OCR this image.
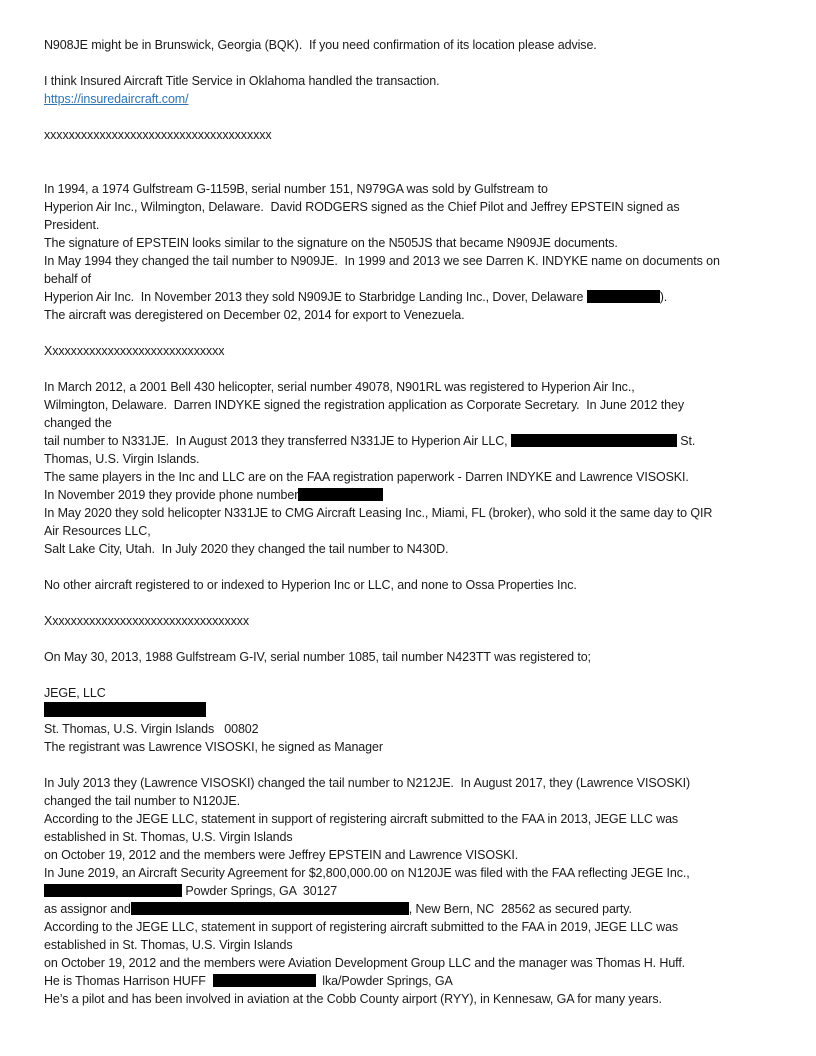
N908JE might be in Brunswick, Georgia (BQK).  If you need confirmation of its location please advise.
I think Insured Aircraft Title Service in Oklahoma handled the transaction.
https://insuredaircraft.com/
xxxxxxxxxxxxxxxxxxxxxxxxxxxxxxxxxxxxx
In 1994, a 1974 Gulfstream G-1159B, serial number 151, N979GA was sold by Gulfstream to
Hyperion Air Inc., Wilmington, Delaware.  David RODGERS signed as the Chief Pilot and Jeffrey EPSTEIN signed as
President.
The signature of EPSTEIN looks similar to the signature on the N505JS that became N909JE documents.
In May 1994 they changed the tail number to N909JE.  In 1999 and 2013 we see Darren K. INDYKE name on documents on
behalf of
Hyperion Air Inc.  In November 2013 they sold N909JE to Starbridge Landing Inc., Dover, Delaware	).
The aircraft was deregistered on December 02, 2014 for export to Venezuela.
Xxxxxxxxxxxxxxxxxxxxxxxxxxxxx
In March 2012, a 2001 Bell 430 helicopter, serial number 49078, N901RL was registered to Hyperion Air Inc.,
Wilmington, Delaware.  Darren INDYKE signed the registration application as Corporate Secretary.  In June 2012 they
changed the
tail number to N331JE.  In August 2013 they transferred N331JE to Hyperion Air LLC,	St.
Thomas, U.S. Virgin Islands.
The same players in the Inc and LLC are on the FAA registration paperwork - Darren INDYKE and Lawrence VISOSKI.
In November 2019 they provide phone number
In May 2020 they sold helicopter N331JE to CMG Aircraft Leasing Inc., Miami, FL (broker), who sold it the same day to QIR
Air Resources LLC,
Salt Lake City, Utah.  In July 2020 they changed the tail number to N430D.
No other aircraft registered to or indexed to Hyperion Inc or LLC, and none to Ossa Properties Inc.
Xxxxxxxxxxxxxxxxxxxxxxxxxxxxxxxxx
On May 30, 2013, 1988 Gulfstream G-IV, serial number 1085, tail number N423TT was registered to;
JEGE, LLC
St. Thomas, U.S. Virgin Islands   00802
The registrant was Lawrence VISOSKI, he signed as Manager
In July 2013 they (Lawrence VISOSKI) changed the tail number to N212JE.  In August 2017, they (Lawrence VISOSKI)
changed the tail number to N120JE.
According to the JEGE LLC, statement in support of registering aircraft submitted to the FAA in 2013, JEGE LLC was
established in St. Thomas, U.S. Virgin Islands
on October 19, 2012 and the members were Jeffrey EPSTEIN and Lawrence VISOSKI.
In June 2019, an Aircraft Security Agreement for $2,800,000.00 on N120JE was filed with the FAA reflecting JEGE Inc.,
Powder Springs, GA  30127
as assignor and	, New Bern, NC  28562 as secured party.
According to the JEGE LLC, statement in support of registering aircraft submitted to the FAA in 2019, JEGE LLC was
established in St. Thomas, U.S. Virgin Islands
on October 19, 2012 and the members were Aviation Development Group LLC and the manager was Thomas H. Huff.
He is Thomas Harrison HUFF	lka/Powder Springs, GA
He’s a pilot and has been involved in aviation at the Cobb County airport (RYY), in Kennesaw, GA for many years.
